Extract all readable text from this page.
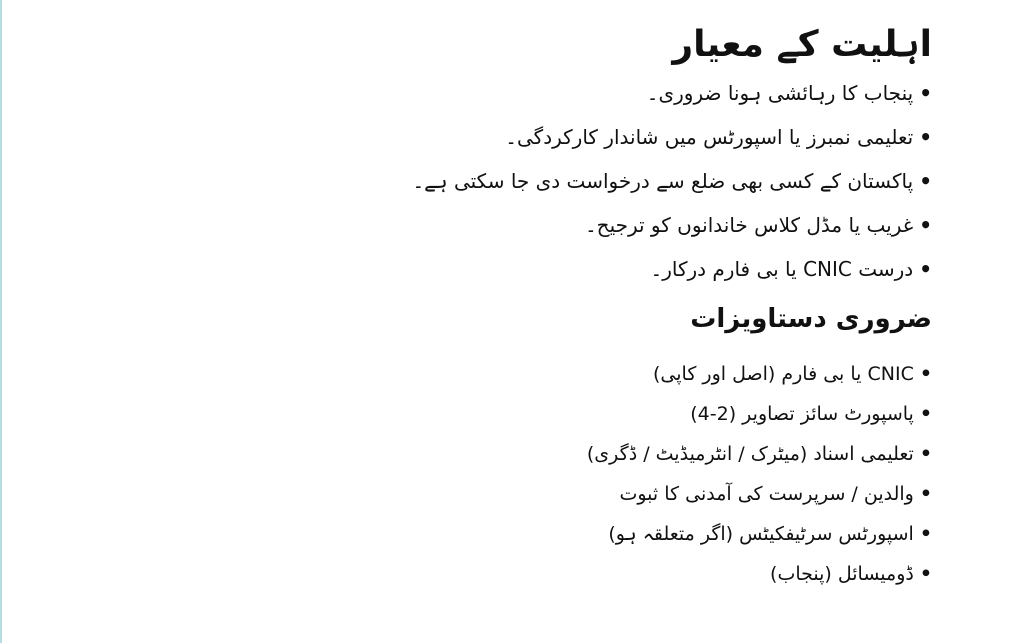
اہلیت کے معیار
•پنجاب کا رہائشی ہونا ضروری۔
•تعلیمی نمبرز یا اسپورٹس میں شاندار کارکردگی۔
•پاکستان کے کسی بھی ضلع سے درخواست دی جا سکتی ہے۔
•غریب یا مڈل کلاس خاندانوں کو ترجیح۔
•درست CNIC یا بی فارم درکار۔
ضروری دستاویزات
•CNIC یا بی فارم (اصل اور کاپی)
•پاسپورٹ سائز تصاویر (2-4)
•تعلیمی اسناد (میٹرک / انٹرمیڈیٹ / ڈگری)
•والدین / سرپرست کی آمدنی کا ثبوت
•اسپورٹس سرٹیفکیٹس (اگر متعلقہ ہو)
•ڈومیسائل (پنجاب)
